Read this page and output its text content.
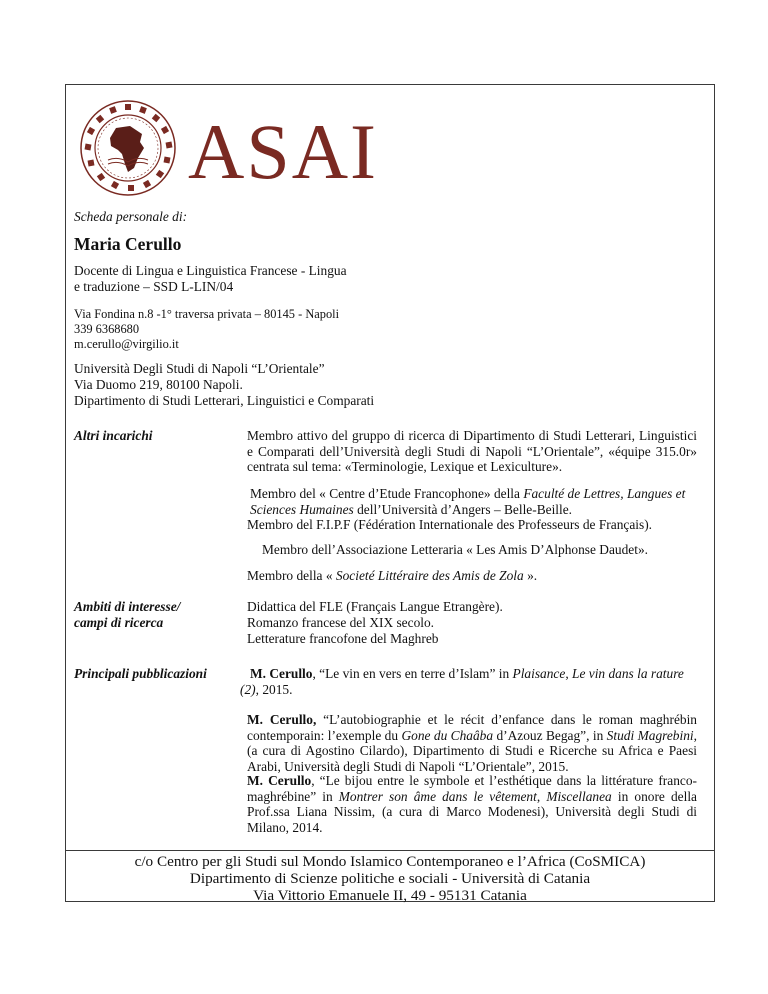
ASAI
Scheda personale di:
Maria Cerullo
Docente di Lingua e Linguistica Francese - Lingua
e traduzione – SSD L-LIN/04
Via Fondina n.8 -1° traversa privata – 80145 - Napoli
339 6368680
m.cerullo@virgilio.it
Università Degli Studi di Napoli “L’Orientale”
Via Duomo 219, 80100 Napoli.
Dipartimento di Studi Letterari, Linguistici e Comparati
Altri incarichi	Membro attivo del gruppo di ricerca di Dipartimento di Studi Letterari, Linguistici e Comparati dell’Università degli Studi di Napoli “L’Orientale”, «équipe 315.0r» centrata sul tema: «Terminologie, Lexique et Lexiculture».
Membro del « Centre d’Etude Francophone» della Faculté de Lettres, Langues et Sciences Humaines dell’Università d’Angers – Belle-Beille.
Membro del F.I.P.F (Fédération Internationale des Professeurs de Français).
Membro dell’Associazione Letteraria « Les Amis D’Alphonse Daudet».
Membro della « Societé Littéraire des Amis de Zola ».
Ambiti di interesse/
campi di ricerca
Didattica del FLE (Français Langue Etrangère).
Romanzo francese del XIX secolo.
Letterature francofone del Maghreb
Principali pubblicazioni	M. Cerullo, “Le vin en vers en terre d’Islam” in Plaisance, Le vin dans la rature (2), 2015.
M. Cerullo, “L’autobiographie et le récit d’enfance dans le roman maghrébin contemporain: l’exemple du Gone du Chaâba d’Azouz Begag”, in Studi Magrebini, (a cura di Agostino Cilardo), Dipartimento di Studi e Ricerche su Africa e Paesi Arabi, Università degli Studi di Napoli “L’Orientale”, 2015.
M. Cerullo, “Le bijou entre le symbole et l’esthétique dans la littérature franco-maghrébine” in Montrer son âme dans le vêtement, Miscellanea in onore della Prof.ssa Liana Nissim, (a cura di Marco Modenesi), Università degli Studi di Milano, 2014.
c/o Centro per gli Studi sul Mondo Islamico Contemporaneo e l’Africa (CoSMICA)
Dipartimento di Scienze politiche e sociali - Università di Catania
Via Vittorio Emanuele II, 49 - 95131 Catania
